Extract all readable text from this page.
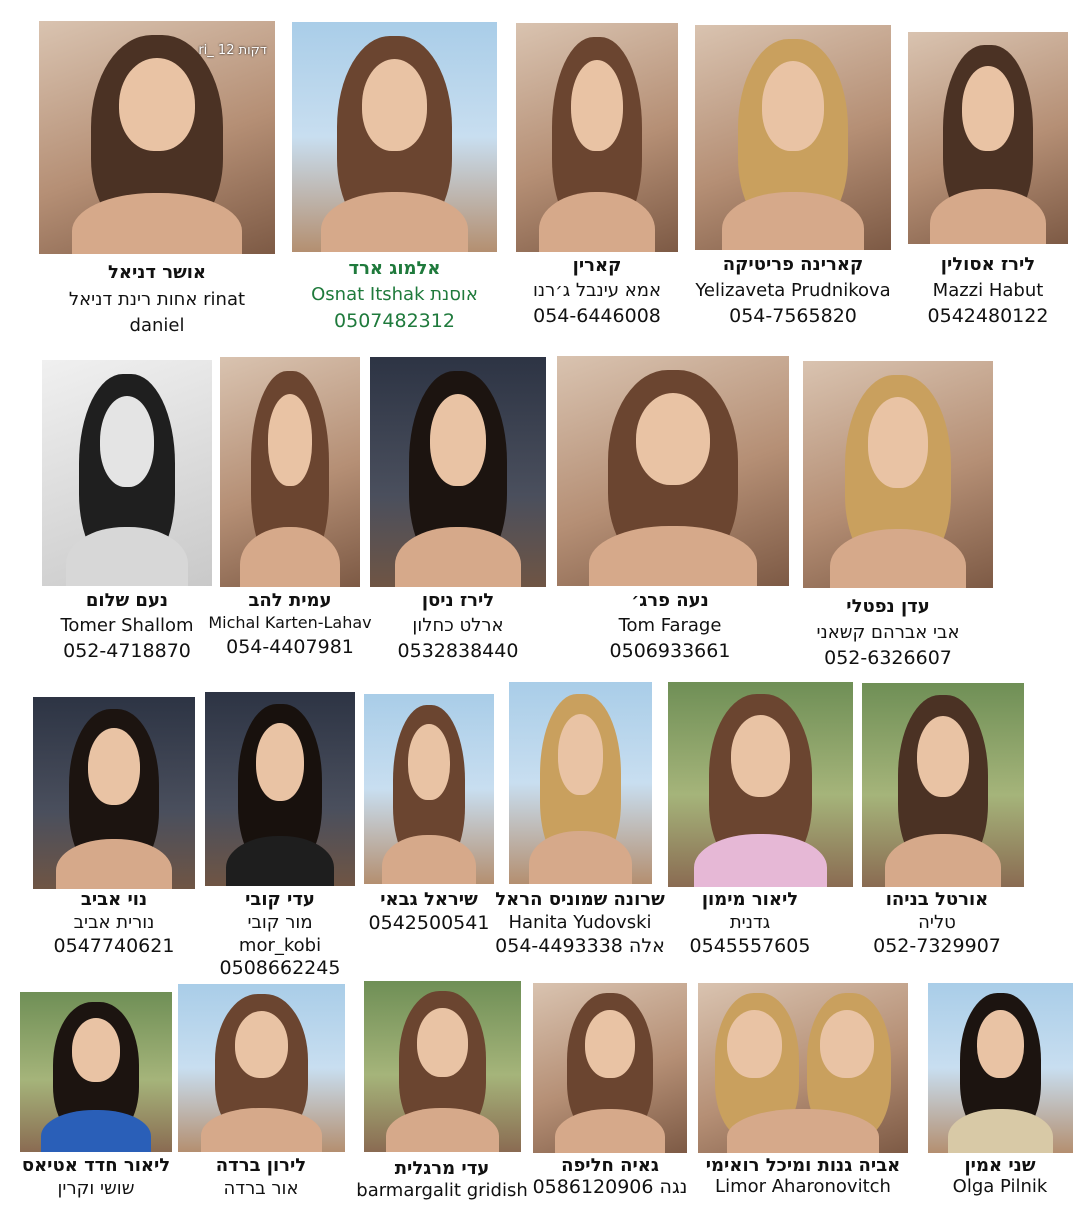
ri_ 12 דקות
אושר דניאל
אחות רינת דניאל rinat
daniel
אלמוג ארד
Osnat Itshak אוסנת
0507482312
קארין
אמא עינבל ג׳רנו
054-6446008
קארינה פריטיקה
Yelizaveta Prudnikova
054-7565820
לירז אסולין
Mazzi Habut
0542480122
נעם שלום
Tomer Shallom
052-4718870
עמית להב
Michal Karten-Lahav
054-4407981
לירז ניסן
ארלט כחלון
0532838440
נעה פרג׳
Tom Farage
0506933661
עדן נפטלי
אבי אברהם קשאני
052-6326607
נוי אביב
נורית אביב
0547740621
עדי קובי
מור קובי
mor_kobi
0508662245
שיראל גבאי
0542500541
שרונה שמוניס הראל
Hanita Yudovski
054-4493338 אלה
ליאור מימון
גדנית
0545557605
אורטל בניהו
טליה
052-7329907
ליאור חדד אטיאס
שושי וקרין
לירון ברדה
אור ברדה
עדי מרגלית
barmargalit gridish
גאיה חליפה
0586120906 נגה
אביה גנות ומיכל רואימי
Limor Aharonovitch
שני אמין
Olga Pilnik
